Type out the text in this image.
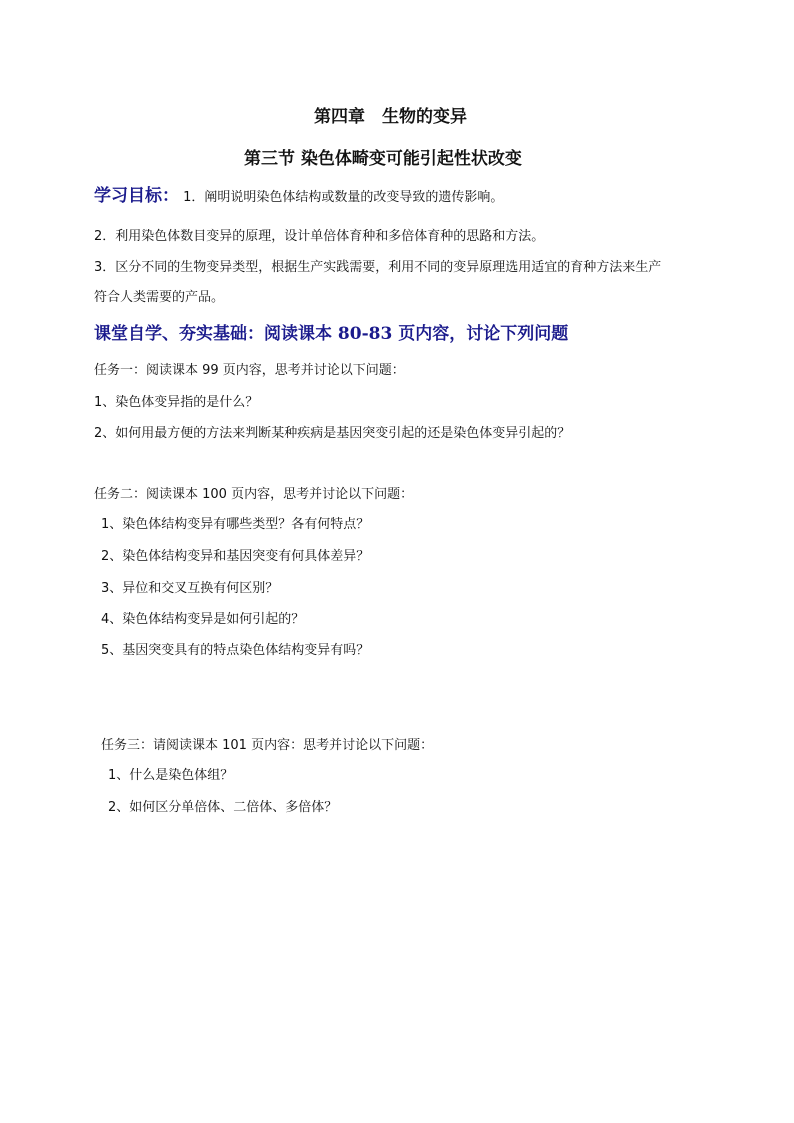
第四章　生物的变异
第三节 染色体畸变可能引起性状改变
学习目标： 1．阐明说明染色体结构或数量的改变导致的遗传影响。
2．利用染色体数目变异的原理，设计单倍体育种和多倍体育种的思路和方法。
3．区分不同的生物变异类型，根据生产实践需要，利用不同的变异原理选用适宜的育种方法来生产
符合人类需要的产品。
课堂自学、夯实基础：阅读课本 80-83 页内容，讨论下列问题
任务一：阅读课本 99 页内容，思考并讨论以下问题：
1、染色体变异指的是什么？
2、如何用最方便的方法来判断某种疾病是基因突变引起的还是染色体变异引起的？
任务二：阅读课本 100 页内容，思考并讨论以下问题：
1、染色体结构变异有哪些类型？各有何特点？
2、染色体结构变异和基因突变有何具体差异？
3、异位和交叉互换有何区别？
4、染色体结构变异是如何引起的？
5、基因突变具有的特点染色体结构变异有吗？
任务三：请阅读课本 101 页内容：思考并讨论以下问题：
1、什么是染色体组？
2、如何区分单倍体、二倍体、多倍体？
